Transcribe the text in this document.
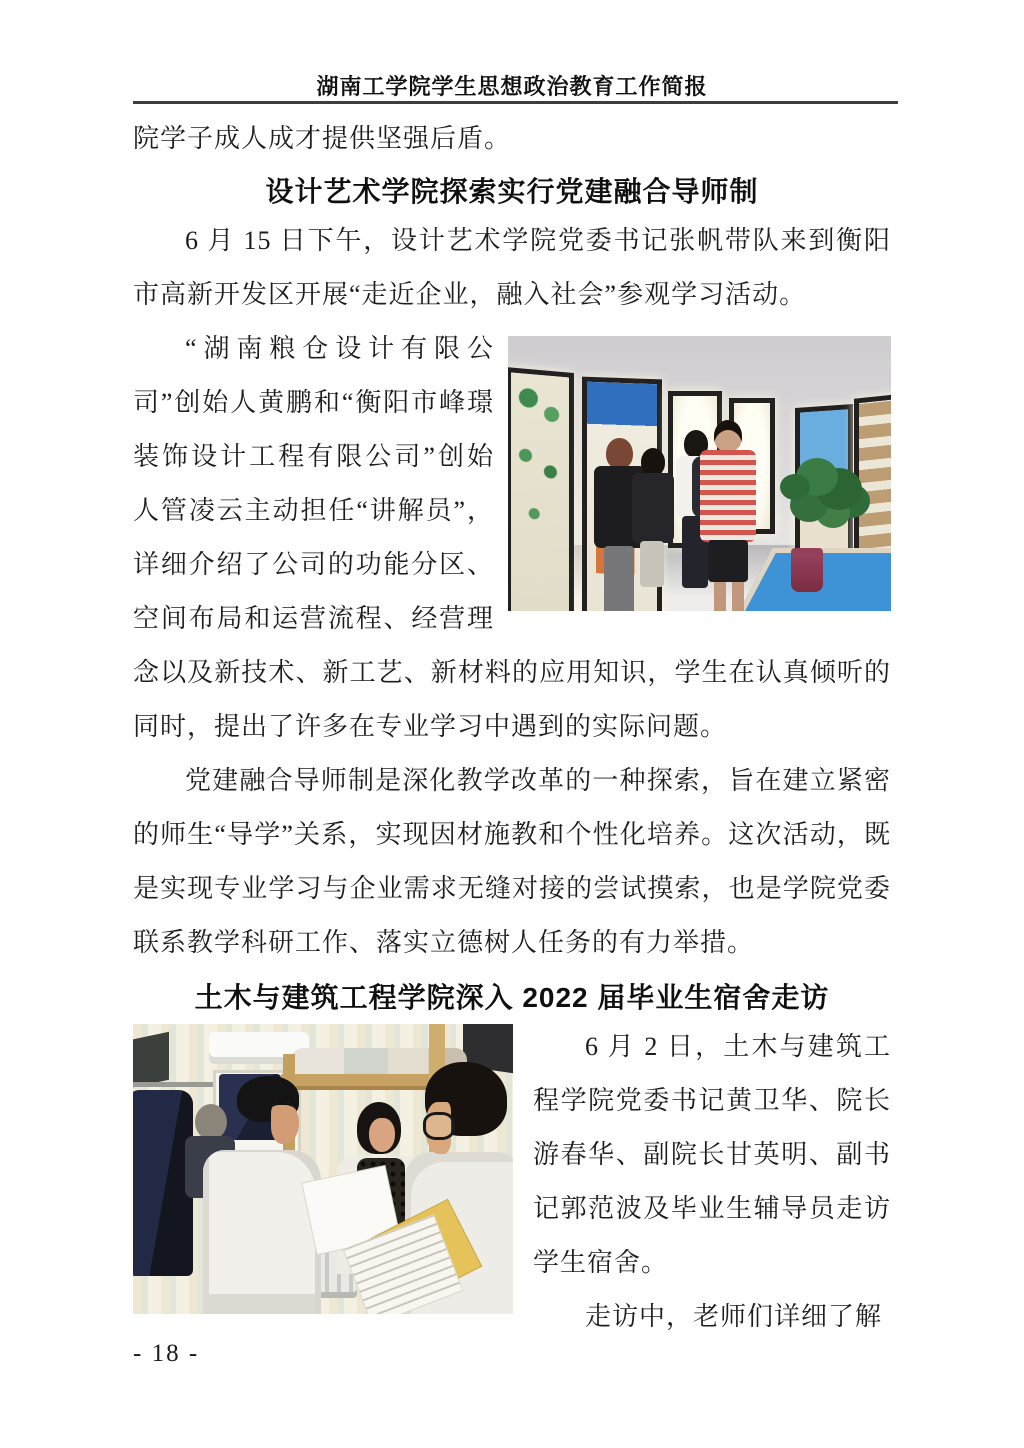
湖南工学院学生思想政治教育工作简报

院学子成人成才提供坚强后盾。

设计艺术学院探索实行党建融合导师制

6 月 15 日下午，设计艺术学院党委书记张帆带队来到衡阳市高新开发区开展“走近企业，融入社会”参观学习活动。

“湖南粮仓设计有限公司”创始人黄鹏和“衡阳市峰璟装饰设计工程有限公司”创始人管凌云主动担任“讲解员”，详细介绍了公司的功能分区、空间布局和运营流程、经营理念以及新技术、新工艺、新材料的应用知识，学生在认真倾听的同时，提出了许多在专业学习中遇到的实际问题。

党建融合导师制是深化教学改革的一种探索，旨在建立紧密的师生“导学”关系，实现因材施教和个性化培养。这次活动，既是实现专业学习与企业需求无缝对接的尝试摸索，也是学院党委联系教学科研工作、落实立德树人任务的有力举措。

土木与建筑工程学院深入 2022 届毕业生宿舍走访

6 月 2 日，土木与建筑工程学院党委书记黄卫华、院长游春华、副院长甘英明、副书记郭范波及毕业生辅导员走访学生宿舍。

走访中，老师们详细了解

- 18 -
